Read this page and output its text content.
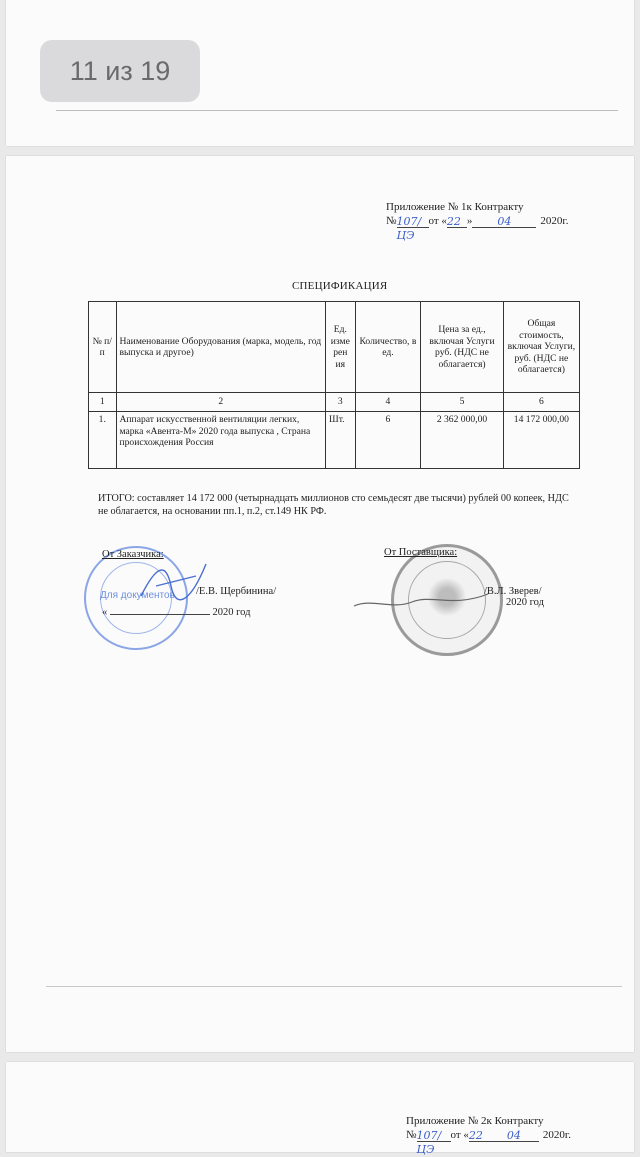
Приложение № 1к Контракту
№ 107/ЦЭ
от « 22 »	04	2020г.
СПЕЦИФИКАЦИЯ
№ п/п	Наименование Оборудования (марка, модель, год выпуска и другое)	Ед. изме рен ия	Количество, в ед.	Цена за ед., включая Услуги руб. (НДС не облагается)	Общая стоимость, включая Услуги, руб. (НДС не облагается)
1	2	3	4	5	6
1.	Аппарат искусственной вентиляции легких, марка «Авента-М» 2020 года выпуска , Страна происхождения Россия	Шт.	6	2 362 000,00	14 172 000,00
ИТОГО: составляет 14 172 000 (четырнадцать миллионов сто семьдесят две тысячи) рублей 00 копеек, НДС не облагается, на основании пп.1, п.2, ст.149 НК РФ.
Для документов
От Заказчика:
/Е.В. Щербинина/
«	2020 год
От Поставщика:
/В.Л. Зверев/
2020 год
Приложение № 2к Контракту
№ 107/ЦЭ
от « 22	04	2020г.
11 из 19
